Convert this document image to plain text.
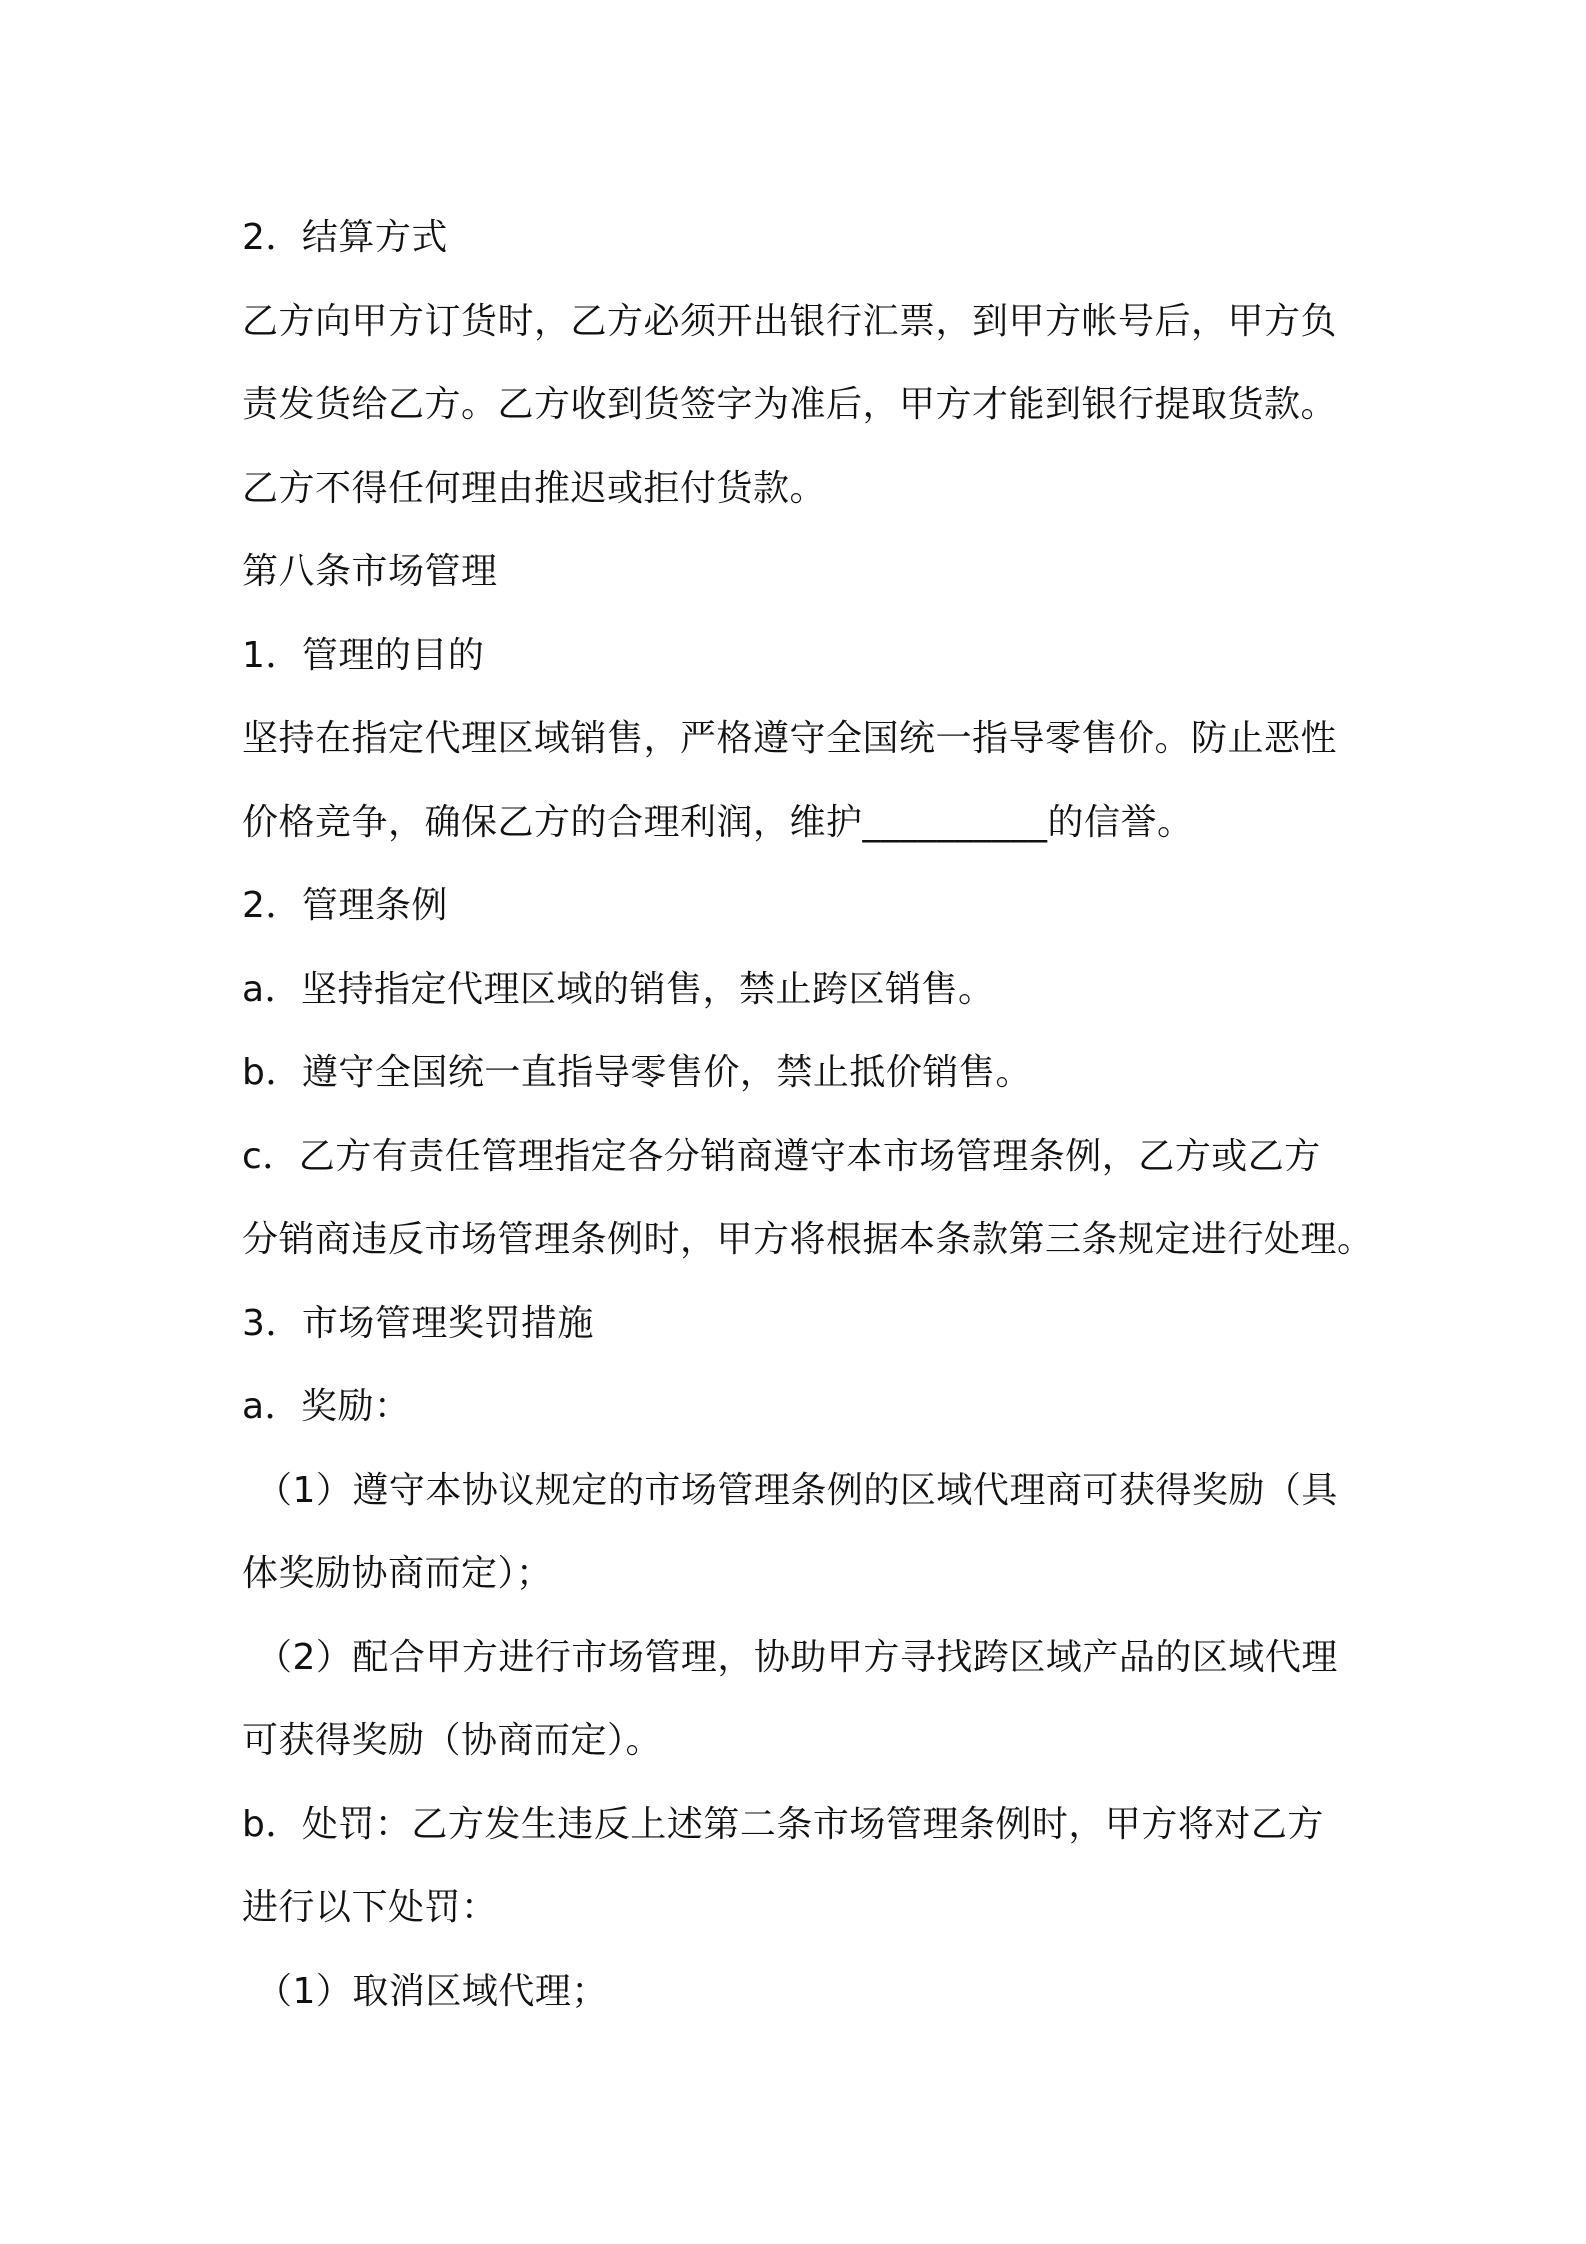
2．结算方式
乙方向甲方订货时，乙方必须开出银行汇票，到甲方帐号后，甲方负
责发货给乙方。乙方收到货签字为准后，甲方才能到银行提取货款。
乙方不得任何理由推迟或拒付货款。
第八条市场管理
1．管理的目的
坚持在指定代理区域销售，严格遵守全国统一指导零售价。防止恶性
价格竞争，确保乙方的合理利润，维护__________的信誉。
2．管理条例
a．坚持指定代理区域的销售，禁止跨区销售。
b．遵守全国统一直指导零售价，禁止抵价销售。
c．乙方有责任管理指定各分销商遵守本市场管理条例，乙方或乙方
分销商违反市场管理条例时，甲方将根据本条款第三条规定进行处理。
3．市场管理奖罚措施
a．奖励：
（1）遵守本协议规定的市场管理条例的区域代理商可获得奖励（具
体奖励协商而定）；
（2）配合甲方进行市场管理，协助甲方寻找跨区域产品的区域代理
可获得奖励（协商而定）。
b．处罚：乙方发生违反上述第二条市场管理条例时，甲方将对乙方
进行以下处罚：
（1）取消区域代理；
